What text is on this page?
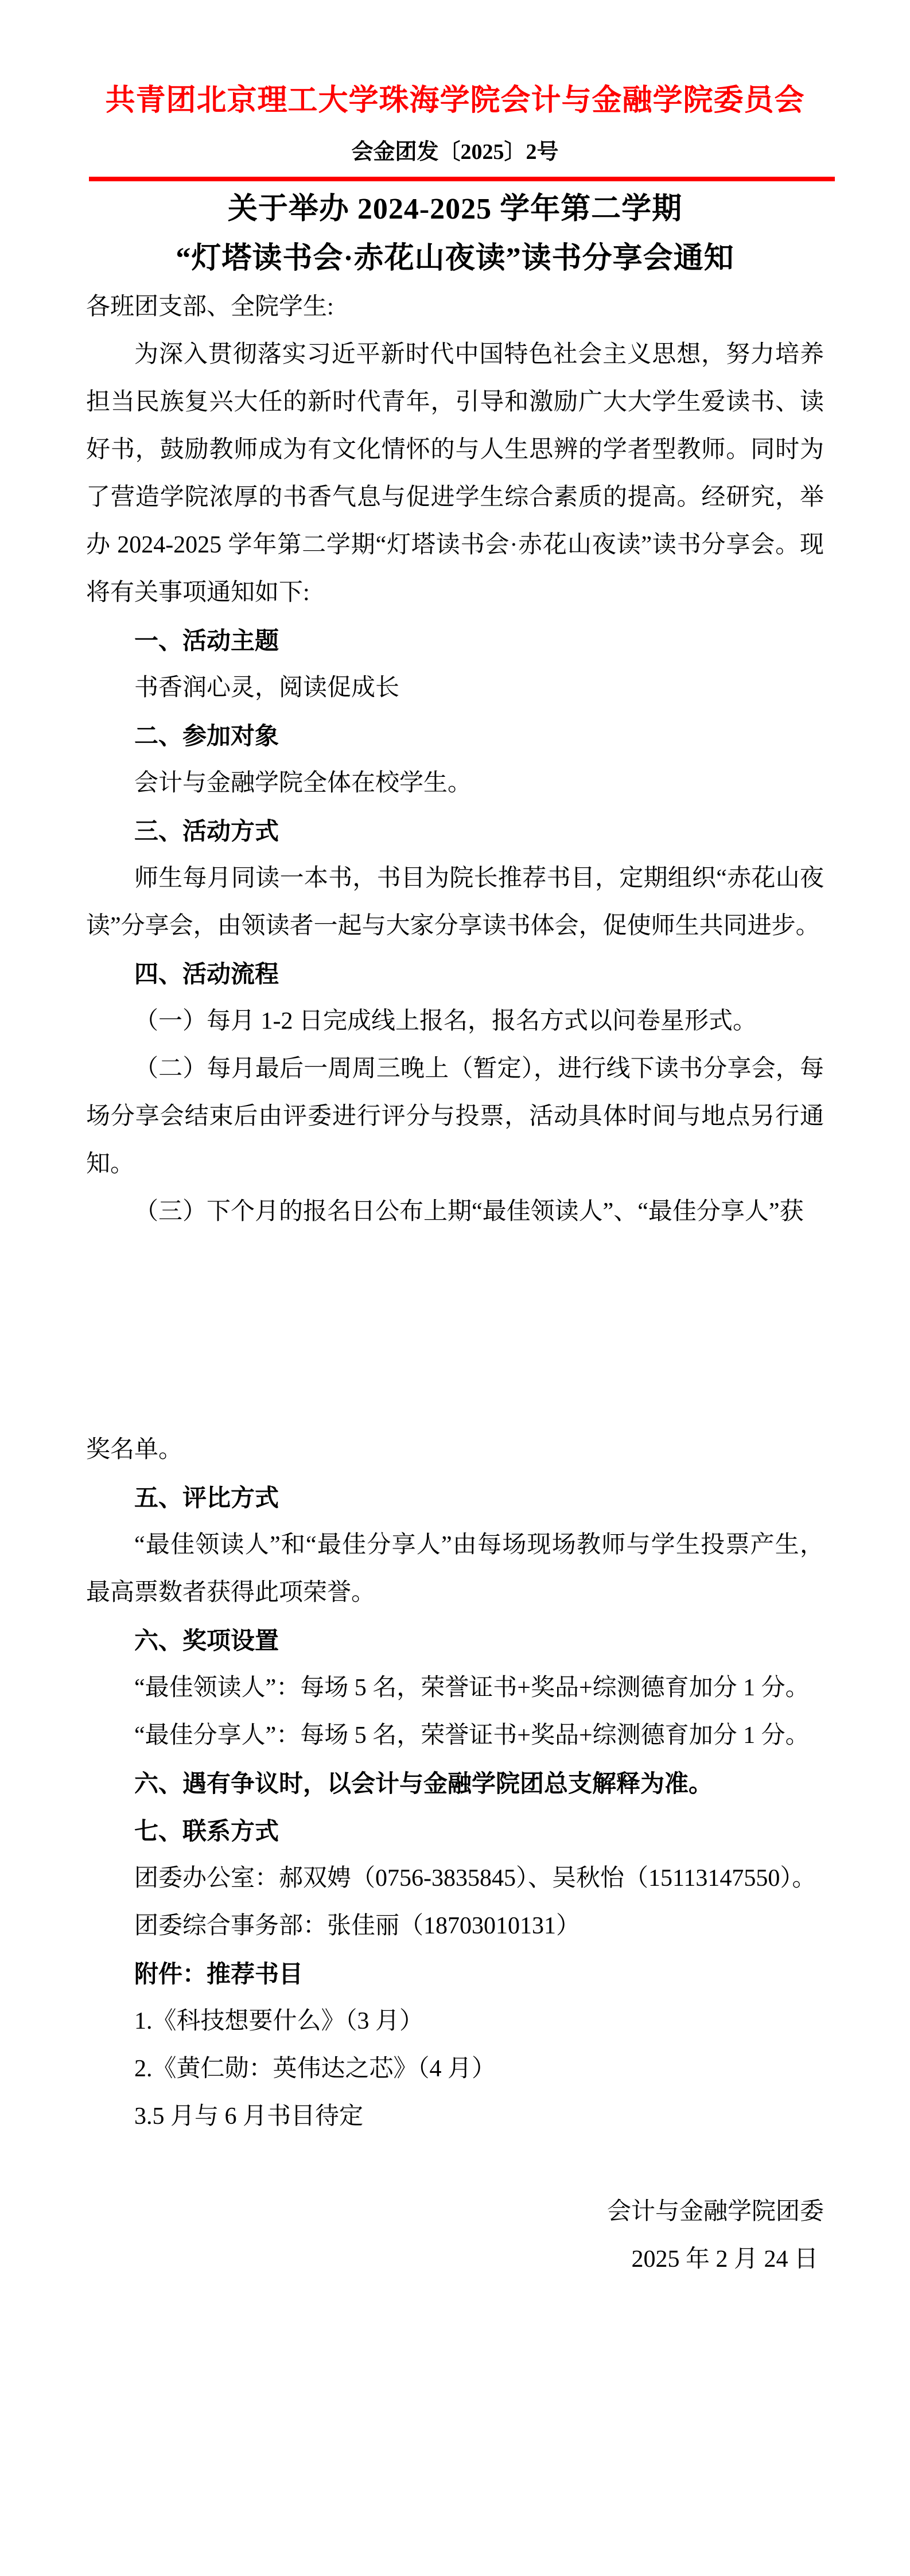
共青团北京理工大学珠海学院会计与金融学院委员会
会金团发〔2025〕2号
关于举办 2024-2025 学年第二学期
“灯塔读书会·赤花山夜读”读书分享会通知
各班团支部、全院学生:
为深入贯彻落实习近平新时代中国特色社会主义思想，努力培养担当民族复兴大任的新时代青年，引导和激励广大大学生爱读书、读好书，鼓励教师成为有文化情怀的与人生思辨的学者型教师。同时为了营造学院浓厚的书香气息与促进学生综合素质的提高。经研究，举办 2024-2025 学年第二学期“灯塔读书会·赤花山夜读”读书分享会。现将有关事项通知如下:
一、活动主题
书香润心灵，阅读促成长
二、参加对象
会计与金融学院全体在校学生。
三、活动方式
师生每月同读一本书，书目为院长推荐书目，定期组织“赤花山夜读”分享会，由领读者一起与大家分享读书体会，促使师生共同进步。
四、活动流程
（一）每月 1-2 日完成线上报名，报名方式以问卷星形式。
（二）每月最后一周周三晚上（暂定），进行线下读书分享会，每场分享会结束后由评委进行评分与投票，活动具体时间与地点另行通知。
（三）下个月的报名日公布上期“最佳领读人”、“最佳分享人”获
奖名单。
五、评比方式
“最佳领读人”和“最佳分享人”由每场现场教师与学生投票产生，最高票数者获得此项荣誉。
六、奖项设置
“最佳领读人”：每场 5 名，荣誉证书+奖品+综测德育加分 1 分。
“最佳分享人”：每场 5 名，荣誉证书+奖品+综测德育加分 1 分。
六、遇有争议时，以会计与金融学院团总支解释为准。
七、联系方式
团委办公室：郝双娉（0756-3835845）、吴秋怡（15113147550）。
团委综合事务部：张佳丽（18703010131）
附件：推荐书目
1.《科技想要什么》（3 月）
2.《黄仁勋：英伟达之芯》（4 月）
3.5 月与 6 月书目待定
会计与金融学院团委
2025 年 2 月 24 日
